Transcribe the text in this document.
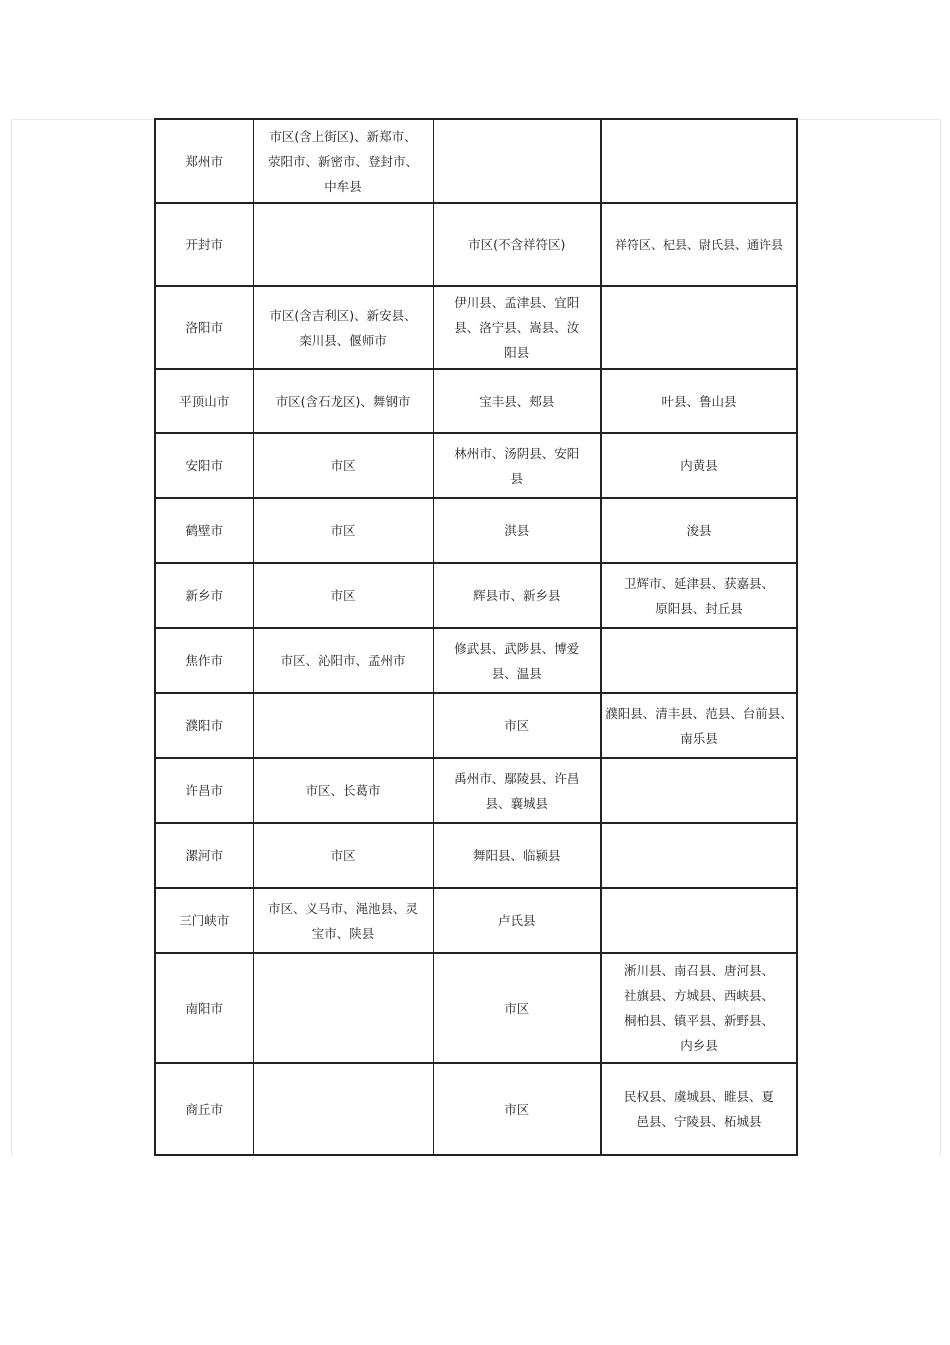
郑州市	市区(含上街区)、新郑市、荥阳市、新密市、登封市、中牟县		
开封市		市区(不含祥符区)	祥符区、杞县、尉氏县、通许县
洛阳市	市区(含吉利区)、新安县、栾川县、偃师市	伊川县、孟津县、宜阳县、洛宁县、嵩县、汝阳县	
平顶山市	市区(含石龙区)、舞钢市	宝丰县、郏县	叶县、鲁山县
安阳市	市区	林州市、汤阴县、安阳县	内黄县
鹤壁市	市区	淇县	浚县
新乡市	市区	辉县市、新乡县	卫辉市、延津县、获嘉县、原阳县、封丘县
焦作市	市区、沁阳市、孟州市	修武县、武陟县、博爱县、温县	
濮阳市		市区	濮阳县、清丰县、范县、台前县、南乐县
许昌市	市区、长葛市	禹州市、鄢陵县、许昌县、襄城县	
漯河市	市区	舞阳县、临颍县	
三门峡市	市区、义马市、渑池县、灵宝市、陕县	卢氏县	
南阳市		市区	淅川县、南召县、唐河县、社旗县、方城县、西峡县、桐柏县、镇平县、新野县、内乡县
商丘市		市区	民权县、虞城县、睢县、夏邑县、宁陵县、柘城县
